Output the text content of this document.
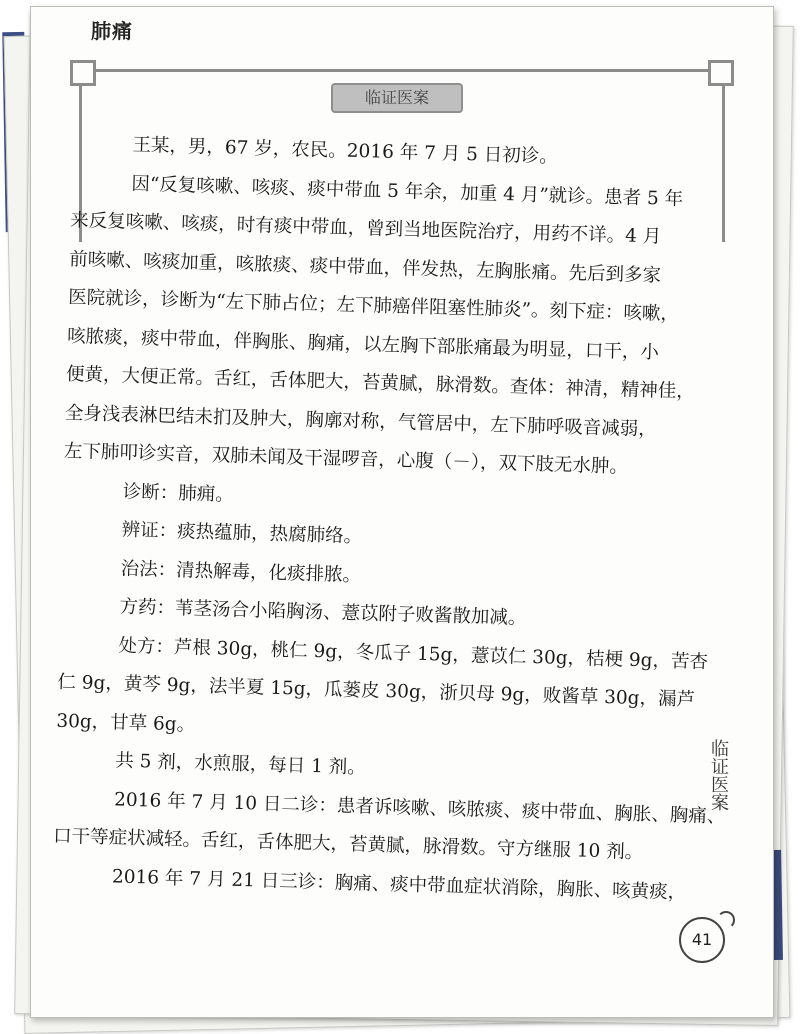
肺痛
临证医案

王某，男，67 岁，农民。2016 年 7 月 5 日初诊。

因“反复咳嗽、咳痰、痰中带血 5 年余，加重 4 月”就诊。患者 5 年

来反复咳嗽、咳痰，时有痰中带血，曾到当地医院治疗，用药不详。4 月

前咳嗽、咳痰加重，咳脓痰、痰中带血，伴发热，左胸胀痛。先后到多家

医院就诊，诊断为“左下肺占位；左下肺癌伴阻塞性肺炎”。刻下症：咳嗽，

咳脓痰，痰中带血，伴胸胀、胸痛，以左胸下部胀痛最为明显，口干，小

便黄，大便正常。舌红，舌体肥大，苔黄腻，脉滑数。查体：神清，精神佳，

全身浅表淋巴结未扪及肿大，胸廓对称，气管居中，左下肺呼吸音减弱，

左下肺叩诊实音，双肺未闻及干湿啰音，心腹（－），双下肢无水肿。

诊断：肺痈。

辨证：痰热蕴肺，热腐肺络。

治法：清热解毒，化痰排脓。

方药：苇茎汤合小陷胸汤、薏苡附子败酱散加减。

处方：芦根 30g，桃仁 9g，冬瓜子 15g，薏苡仁 30g，桔梗 9g，苦杏

仁 9g，黄芩 9g，法半夏 15g，瓜蒌皮 30g，浙贝母 9g，败酱草 30g，漏芦

30g，甘草 6g。

共 5 剂，水煎服，每日 1 剂。

2016 年 7 月 10 日二诊：患者诉咳嗽、咳脓痰、痰中带血、胸胀、胸痛、

口干等症状减轻。舌红，舌体肥大，苔黄腻，脉滑数。守方继服 10 剂。

2016 年 7 月 21 日三诊：胸痛、痰中带血症状消除，胸胀、咳黄痰，

临证医案
41
